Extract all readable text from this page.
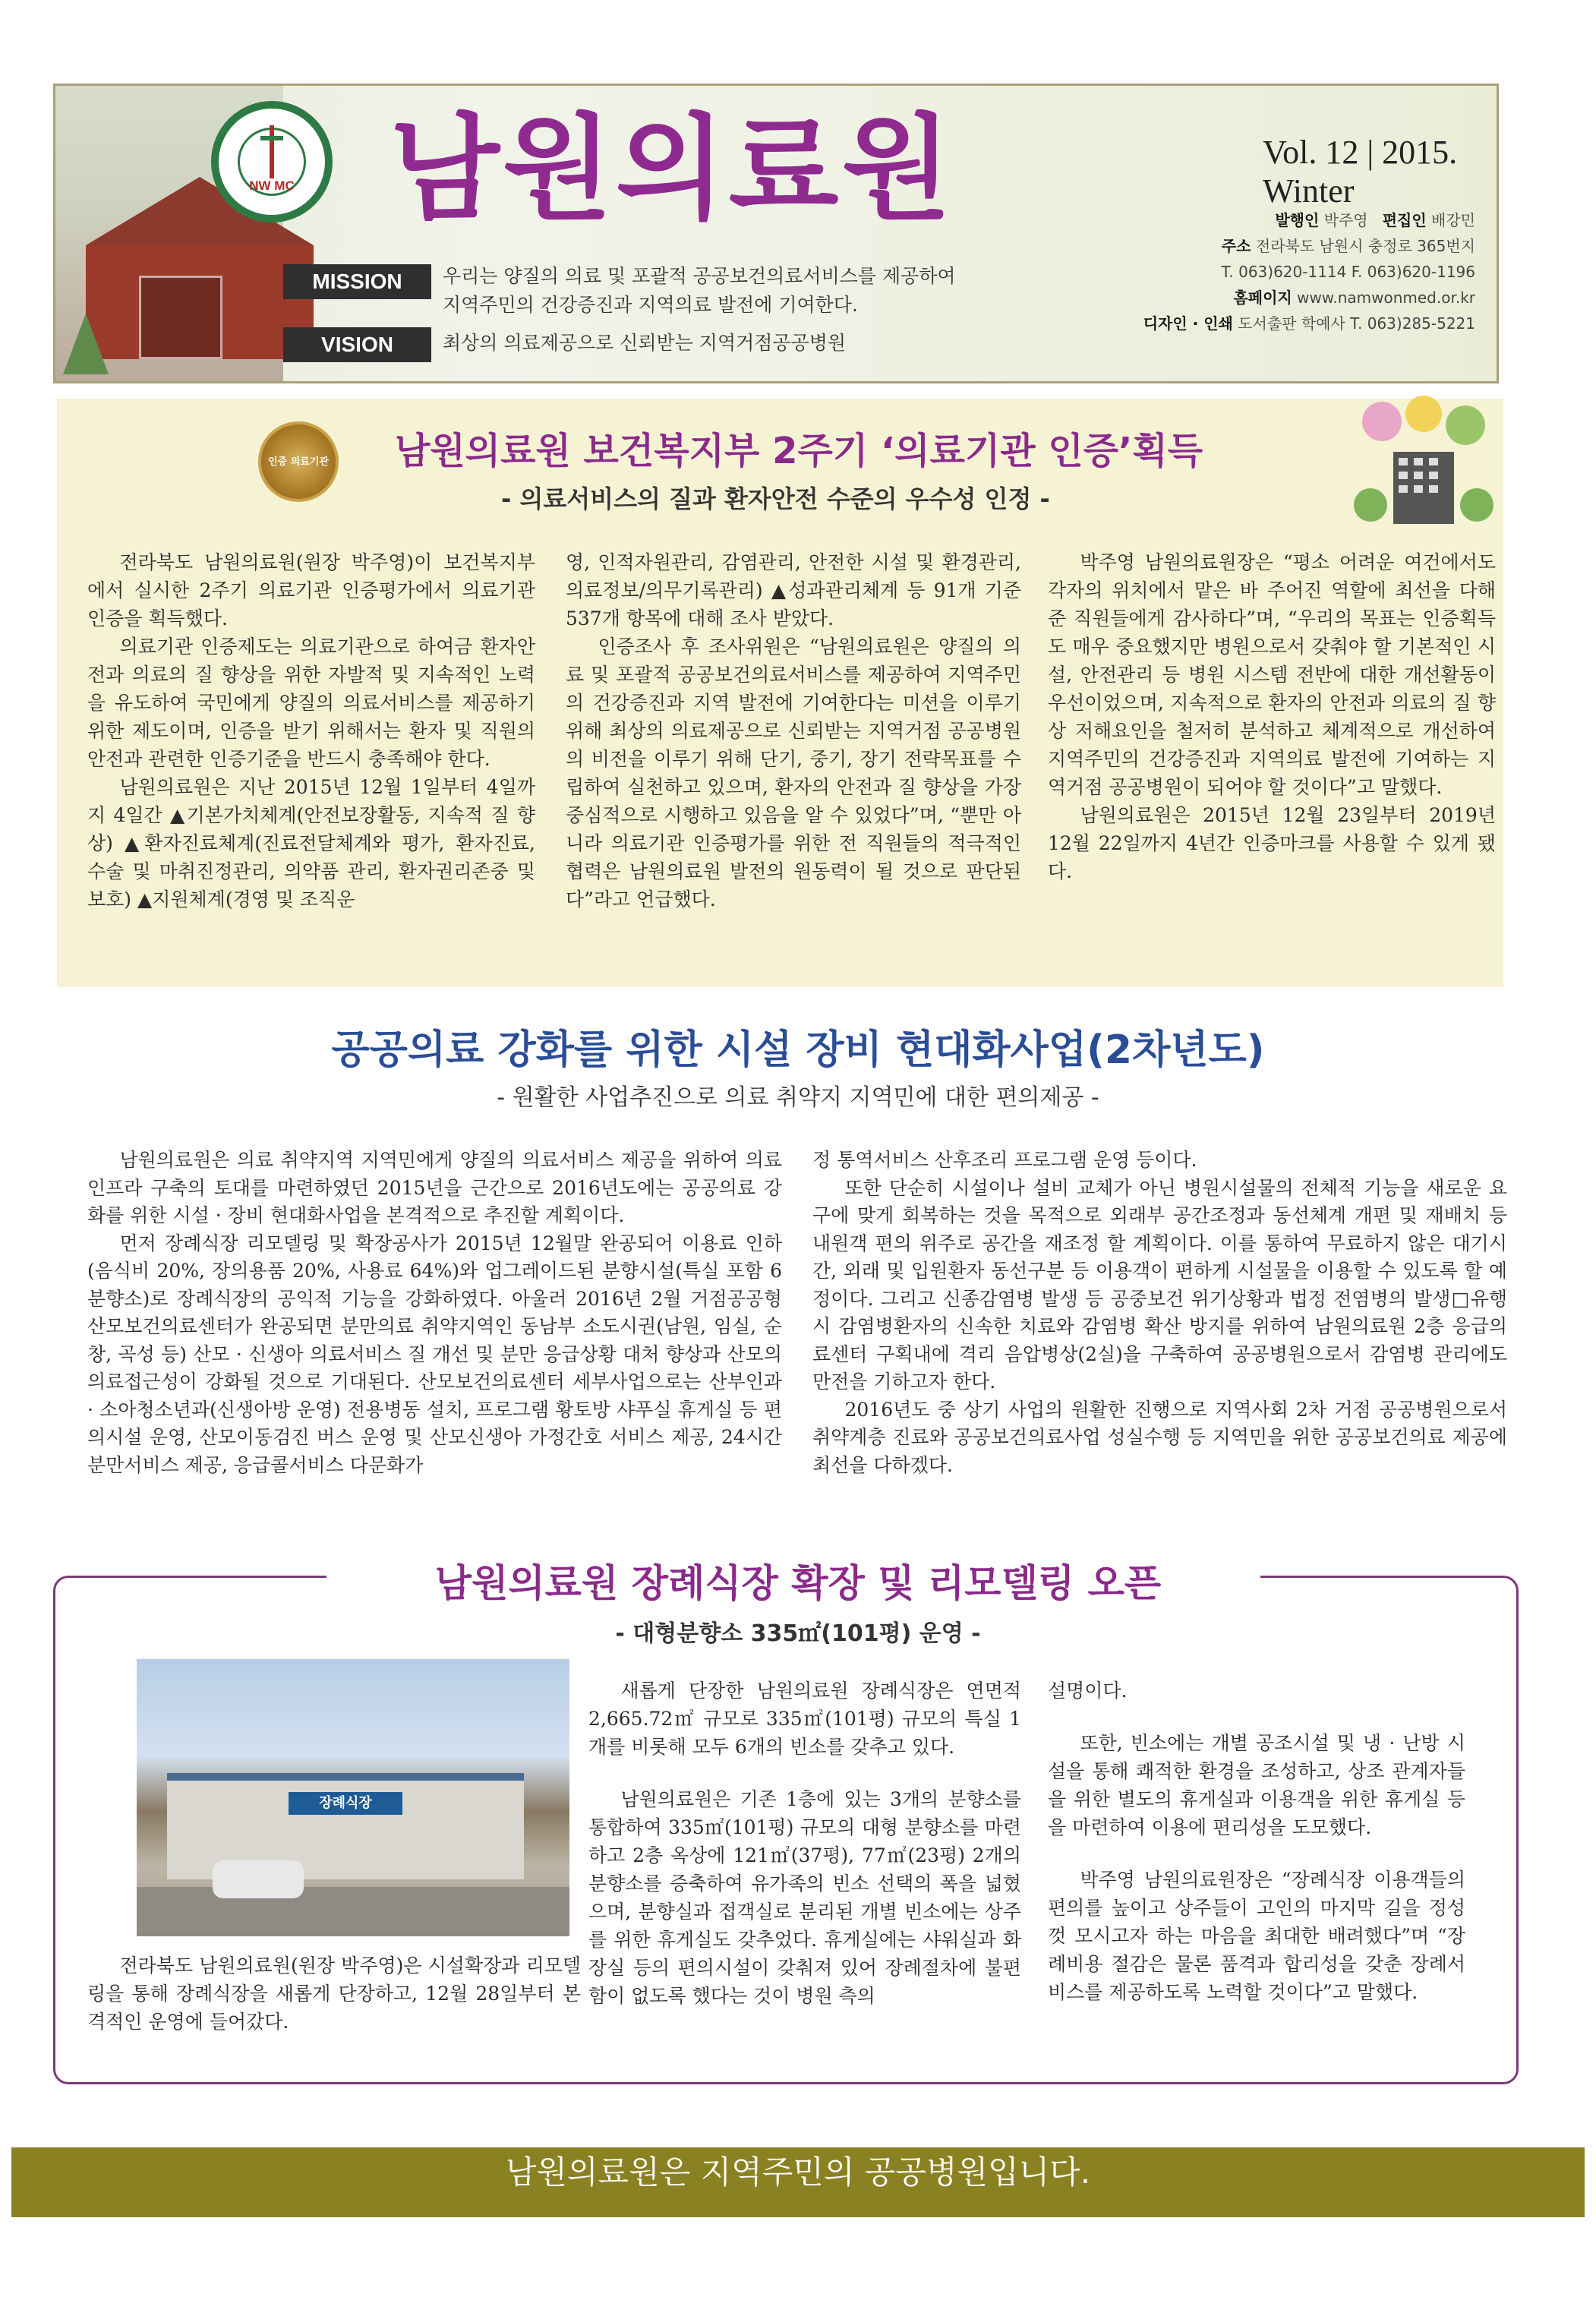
NW MC 남원의료원	Vol. 12 | 2015. Winter
MISSION	우리는 양질의 의료 및 포괄적 공공보건의료서비스를 제공하여
지역주민의 건강증진과 지역의료 발전에 기여한다.
VISION	최상의 의료제공으로 신뢰받는 지역거점공공병원
발행인 박주영 편집인 배강민
주소 전라북도 남원시 충정로 365번지
T. 063)620-1114 F. 063)620-1196
홈페이지 www.namwonmed.or.kr
디자인 · 인쇄 도서출판 학예사 T. 063)285-5221
인증 의료기관 남원의료원 보건복지부 2주기 ‘의료기관 인증’획득
- 의료서비스의 질과 환자안전 수준의 우수성 인정 -

전라북도 남원의료원(원장 박주영)이 보건복지부에서 실시한 2주기 의료기관 인증평가에서 의료기관 인증을 획득했다.

의료기관 인증제도는 의료기관으로 하여금 환자안전과 의료의 질 향상을 위한 자발적 및 지속적인 노력을 유도하여 국민에게 양질의 의료서비스를 제공하기 위한 제도이며, 인증을 받기 위해서는 환자 및 직원의 안전과 관련한 인증기준을 반드시 충족해야 한다.

남원의료원은 지난 2015년 12월 1일부터 4일까지 4일간 ▲기본가치체계(안전보장활동, 지속적 질 향상) ▲환자진료체계(진료전달체계와 평가, 환자진료, 수술 및 마취진정관리, 의약품 관리, 환자권리존중 및 보호) ▲지원체계(경영 및 조직운

영, 인적자원관리, 감염관리, 안전한 시설 및 환경관리, 의료정보/의무기록관리) ▲성과관리체계 등 91개 기준 537개 항목에 대해 조사 받았다.

인증조사 후 조사위원은 “남원의료원은 양질의 의료 및 포괄적 공공보건의료서비스를 제공하여 지역주민의 건강증진과 지역 발전에 기여한다는 미션을 이루기 위해 최상의 의료제공으로 신뢰받는 지역거점 공공병원의 비전을 이루기 위해 단기, 중기, 장기 전략목표를 수립하여 실천하고 있으며, 환자의 안전과 질 향상을 가장 중심적으로 시행하고 있음을 알 수 있었다”며, “뿐만 아니라 의료기관 인증평가를 위한 전 직원들의 적극적인 협력은 남원의료원 발전의 원동력이 될 것으로 판단된다”라고 언급했다.

박주영 남원의료원장은 “평소 어려운 여건에서도 각자의 위치에서 맡은 바 주어진 역할에 최선을 다해 준 직원들에게 감사하다”며, “우리의 목표는 인증획득도 매우 중요했지만 병원으로서 갖춰야 할 기본적인 시설, 안전관리 등 병원 시스템 전반에 대한 개선활동이 우선이었으며, 지속적으로 환자의 안전과 의료의 질 향상 저해요인을 철저히 분석하고 체계적으로 개선하여 지역주민의 건강증진과 지역의료 발전에 기여하는 지역거점 공공병원이 되어야 할 것이다”고 말했다.

남원의료원은 2015년 12월 23일부터 2019년 12월 22일까지 4년간 인증마크를 사용할 수 있게 됐다.

공공의료 강화를 위한 시설 장비 현대화사업(2차년도)
- 원활한 사업추진으로 의료 취약지 지역민에 대한 편의제공 -

남원의료원은 의료 취약지역 지역민에게 양질의 의료서비스 제공을 위하여 의료 인프라 구축의 토대를 마련하였던 2015년을 근간으로 2016년도에는 공공의료 강화를 위한 시설 · 장비 현대화사업을 본격적으로 추진할 계획이다.

먼저 장례식장 리모델링 및 확장공사가 2015년 12월말 완공되어 이용료 인하(음식비 20%, 장의용품 20%, 사용료 64%)와 업그레이드된 분향시설(특실 포함 6분향소)로 장례식장의 공익적 기능을 강화하였다. 아울러 2016년 2월 거점공공형 산모보건의료센터가 완공되면 분만의료 취약지역인 동남부 소도시권(남원, 임실, 순창, 곡성 등) 산모 · 신생아 의료서비스 질 개선 및 분만 응급상황 대처 향상과 산모의 의료접근성이 강화될 것으로 기대된다. 산모보건의료센터 세부사업으로는 산부인과 · 소아청소년과(신생아방 운영) 전용병동 설치, 프로그램 황토방 샤푸실 휴게실 등 편의시설 운영, 산모이동검진 버스 운영 및 산모신생아 가정간호 서비스 제공, 24시간분만서비스 제공, 응급콜서비스 다문화가

정 통역서비스 산후조리 프로그램 운영 등이다.

또한 단순히 시설이나 설비 교체가 아닌 병원시설물의 전체적 기능을 새로운 요구에 맞게 회복하는 것을 목적으로 외래부 공간조정과 동선체계 개편 및 재배치 등 내원객 편의 위주로 공간을 재조정 할 계획이다. 이를 통하여 무료하지 않은 대기시간, 외래 및 입원환자 동선구분 등 이용객이 편하게 시설물을 이용할 수 있도록 할 예정이다. 그리고 신종감염병 발생 등 공중보건 위기상황과 법정 전염병의 발생□유행시 감염병환자의 신속한 치료와 감염병 확산 방지를 위하여 남원의료원 2층 응급의료센터 구획내에 격리 음압병상(2실)을 구축하여 공공병원으로서 감염병 관리에도 만전을 기하고자 한다.

2016년도 중 상기 사업의 원활한 진행으로 지역사회 2차 거점 공공병원으로서 취약계층 진료와 공공보건의료사업 성실수행 등 지역민을 위한 공공보건의료 제공에 최선을 다하겠다.

남원의료원 장례식장 확장 및 리모델링 오픈
- 대형분향소 335㎡(101평) 운영 -
장례식장

전라북도 남원의료원(원장 박주영)은 시설확장과 리모델링을 통해 장례식장을 새롭게 단장하고, 12월 28일부터 본격적인 운영에 들어갔다.

새롭게 단장한 남원의료원 장례식장은 연면적 2,665.72㎡ 규모로 335㎡(101평) 규모의 특실 1개를 비롯해 모두 6개의 빈소를 갖추고 있다.

남원의료원은 기존 1층에 있는 3개의 분향소를 통합하여 335㎡(101평) 규모의 대형 분향소를 마련하고 2층 옥상에 121㎡(37평), 77㎡(23평) 2개의 분향소를 증축하여 유가족의 빈소 선택의 폭을 넓혔으며, 분향실과 접객실로 분리된 개별 빈소에는 상주를 위한 휴게실도 갖추었다. 휴게실에는 샤워실과 화장실 등의 편의시설이 갖춰져 있어 장례절차에 불편함이 없도록 했다는 것이 병원 측의

설명이다.

또한, 빈소에는 개별 공조시설 및 냉 · 난방 시설을 통해 쾌적한 환경을 조성하고, 상조 관계자들을 위한 별도의 휴게실과 이용객을 위한 휴게실 등을 마련하여 이용에 편리성을 도모했다.

박주영 남원의료원장은 “장례식장 이용객들의 편의를 높이고 상주들이 고인의 마지막 길을 정성껏 모시고자 하는 마음을 최대한 배려했다”며 “장례비용 절감은 물론 품격과 합리성을 갖춘 장례서비스를 제공하도록 노력할 것이다”고 말했다.

남원의료원은 지역주민의 공공병원입니다.
